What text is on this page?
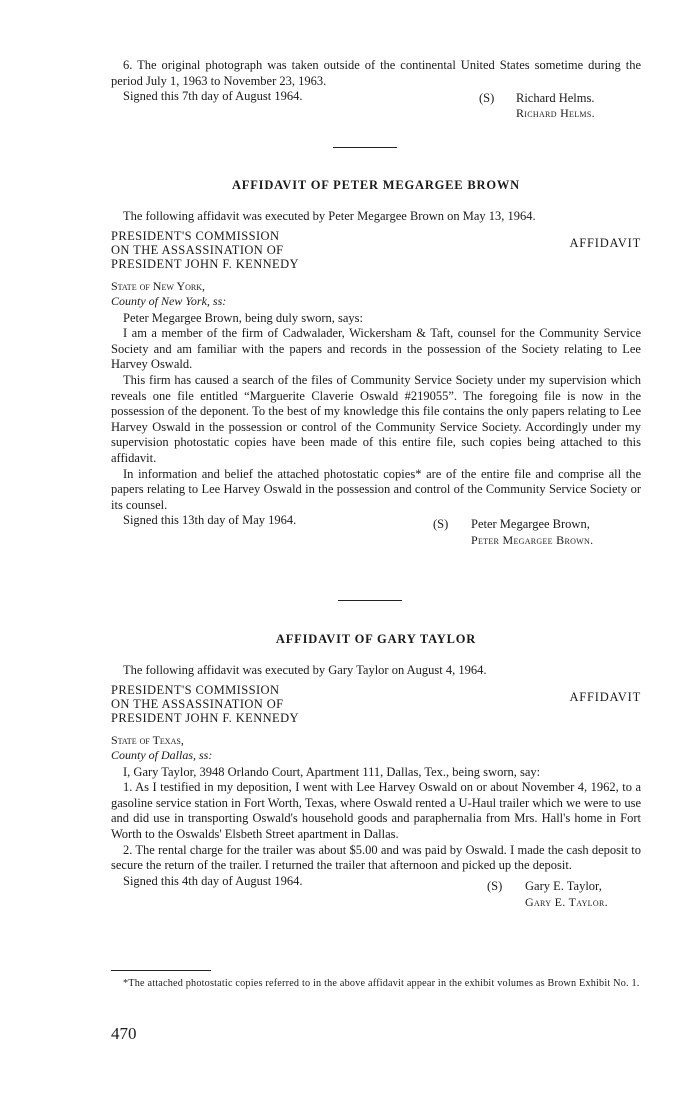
6. The original photograph was taken outside of the continental United States sometime during the period July 1, 1963 to November 23, 1963.

Signed this 7th day of August 1964.	(S) Richard Helms.
Richard Helms.

AFFIDAVIT OF PETER MEGARGEE BROWN

The following affidavit was executed by Peter Megargee Brown on May 13, 1964.

PRESIDENT'S COMMISSION
ON THE ASSASSINATION OF
PRESIDENT JOHN F. KENNEDY
AFFIDAVIT
State of New York,
County of New York, ss:

Peter Megargee Brown, being duly sworn, says:

I am a member of the firm of Cadwalader, Wickersham & Taft, counsel for the Community Service Society and am familiar with the papers and records in the possession of the Society relating to Lee Harvey Oswald.

This firm has caused a search of the files of Community Service Society under my supervision which reveals one file entitled “Marguerite Claverie Oswald #219055”. The foregoing file is now in the possession of the deponent. To the best of my knowledge this file contains the only papers relating to Lee Harvey Oswald in the possession or control of the Community Service Society. Accordingly under my supervision photostatic copies have been made of this entire file, such copies being attached to this affidavit.

In information and belief the attached photostatic copies* are of the entire file and comprise all the papers relating to Lee Harvey Oswald in the possession and control of the Community Service Society or its counsel.

Signed this 13th day of May 1964.	(S) Peter Megargee Brown,
Peter Megargee Brown.

AFFIDAVIT OF GARY TAYLOR

The following affidavit was executed by Gary Taylor on August 4, 1964.

PRESIDENT'S COMMISSION
ON THE ASSASSINATION OF
PRESIDENT JOHN F. KENNEDY
AFFIDAVIT
State of Texas,
County of Dallas, ss:

I, Gary Taylor, 3948 Orlando Court, Apartment 111, Dallas, Tex., being sworn, say:

1. As I testified in my deposition, I went with Lee Harvey Oswald on or about November 4, 1962, to a gasoline service station in Fort Worth, Texas, where Oswald rented a U-Haul trailer which we were to use and did use in transporting Oswald's household goods and paraphernalia from Mrs. Hall's home in Fort Worth to the Oswalds' Elsbeth Street apartment in Dallas.

2. The rental charge for the trailer was about $5.00 and was paid by Oswald. I made the cash deposit to secure the return of the trailer. I returned the trailer that afternoon and picked up the deposit.

Signed this 4th day of August 1964.	(S) Gary E. Taylor,
Gary E. Taylor.

*The attached photostatic copies referred to in the above affidavit appear in the exhibit volumes as Brown Exhibit No. 1.

470
